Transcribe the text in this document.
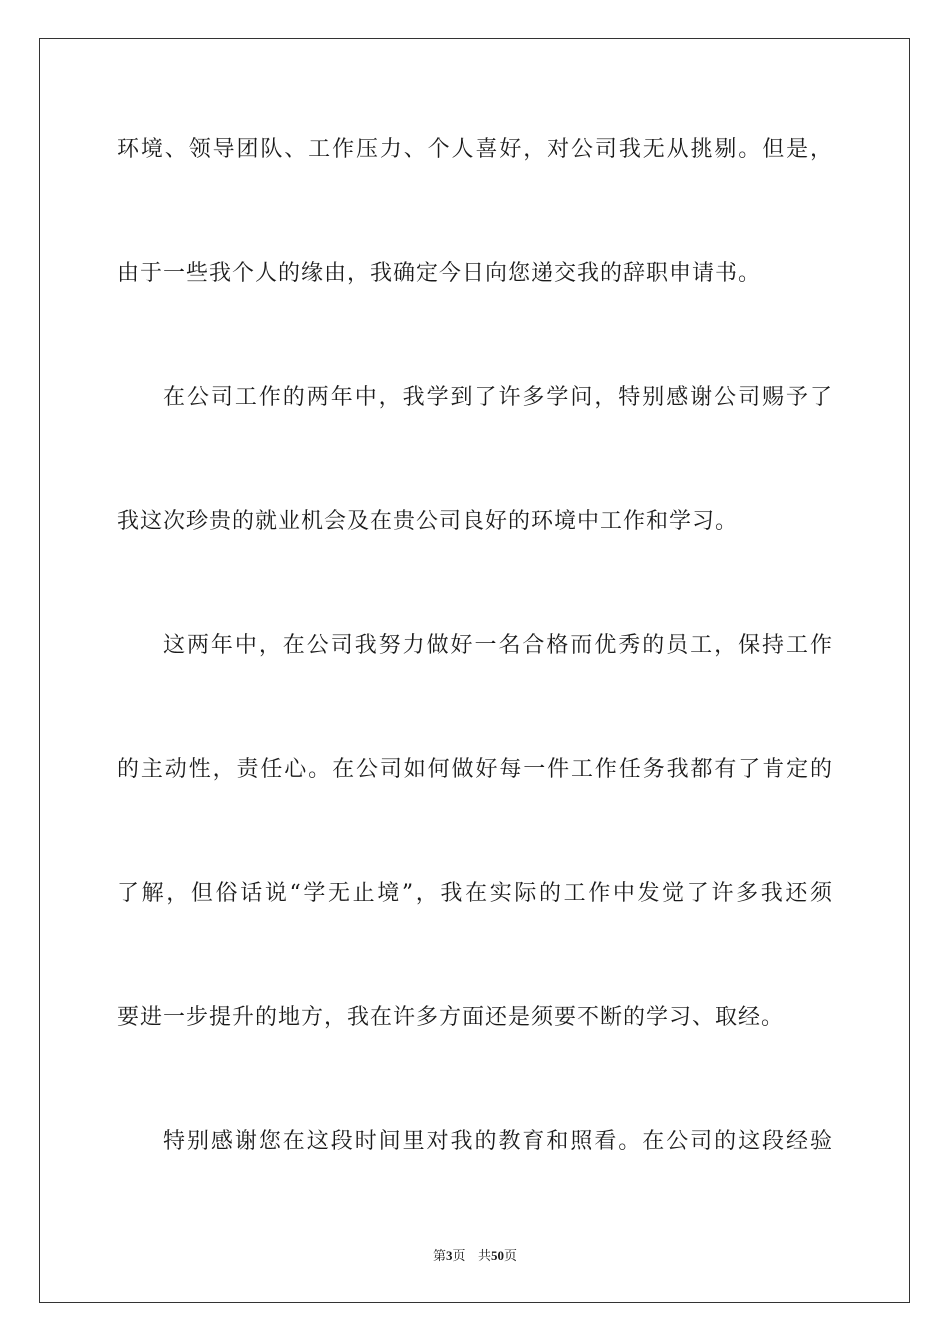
环境、领导团队、工作压力、个人喜好，对公司我无从挑剔。但是，
由于一些我个人的缘由，我确定今日向您递交我的辞职申请书。
在公司工作的两年中，我学到了许多学问，特别感谢公司赐予了
我这次珍贵的就业机会及在贵公司良好的环境中工作和学习。
这两年中，在公司我努力做好一名合格而优秀的员工，保持工作
的主动性，责任心。在公司如何做好每一件工作任务我都有了肯定的
了解，但俗话说“学无止境”，我在实际的工作中发觉了许多我还须
要进一步提升的地方，我在许多方面还是须要不断的学习、取经。
特别感谢您在这段时间里对我的教育和照看。在公司的这段经验
第3页 共50页
